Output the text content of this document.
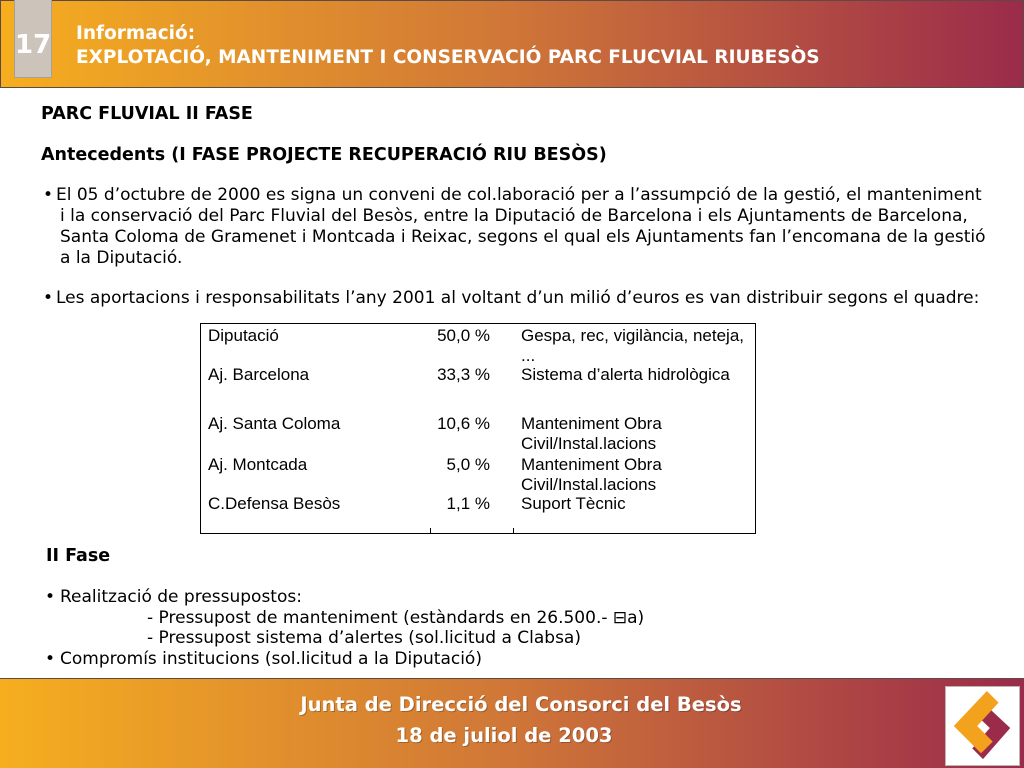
17 Informació:
EXPLOTACIÓ, MANTENIMENT I CONSERVACIÓ PARC FLUCVIAL RIUBESÒS
PARC FLUVIAL II FASE
Antecedents (I FASE PROJECTE RECUPERACIÓ RIU BESÒS)
• El 05 d’octubre de 2000 es signa un conveni de col.laboració per a l’assumpció de la gestió, el manteniment
i la conservació del Parc Fluvial del Besòs, entre la Diputació de Barcelona i els Ajuntaments de Barcelona,
Santa Coloma de Gramenet i Montcada i Reixac, segons el qual els Ajuntaments fan l’encomana de la gestió
a la Diputació.
• Les aportacions i responsabilitats l’any 2001 al voltant d’un milió d’euros es van distribuir segons el quadre:
Diputació	50,0 % Gespa, rec, vigilància, neteja, ...
Aj. Barcelona	33,3 % Sistema d’alerta hidrològica
Aj. Santa Coloma	10,6 % Manteniment Obra Civil/Instal.lacions
Aj. Montcada	5,0 % Manteniment Obra Civil/Instal.lacions
C.Defensa Besòs	1,1 % Suport Tècnic
II Fase
• Realització de pressupostos:
- Pressupost de manteniment (estàndards en 26.500.- ⊟a)
- Pressupost sistema d’alertes (sol.licitud a Clabsa)
• Compromís institucions (sol.licitud a la Diputació)
Junta de Direcció del Consorci del Besòs
18 de juliol de 2003
